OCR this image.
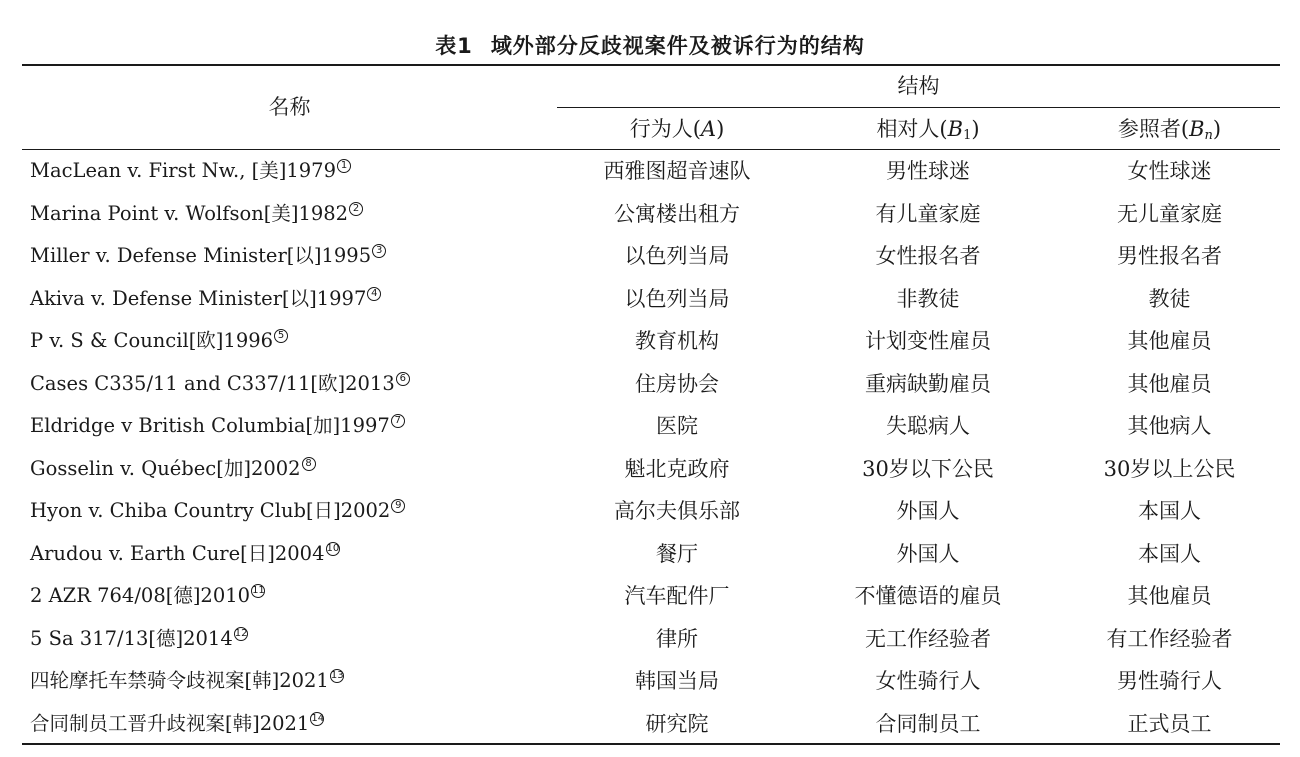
表1 域外部分反歧视案件及被诉行为的结构
名称
结构
行为人(A)	相对人$(B_1)$	参照者$(B_n)$
MacLean v. First Nw., [美]1979 1	西雅图超音速队	男性球迷	女性球迷
Marina Point v. Wolfson[美]1982 2	公寓楼出租方	有儿童家庭	无儿童家庭
Miller v. Defense Minister[以]1995 3	以色列当局	女性报名者	男性报名者
Akiva v. Defense Minister[以]1997 4	以色列当局	非教徒	教徒
P v. S & Council[欧]1996 5	教育机构	计划变性雇员	其他雇员
Cases C335/11 and C337/11[欧]2013 6	住房协会	重病缺勤雇员	其他雇员
Eldridge v British Columbia[加]1997 7	医院	失聪病人	其他病人
Gosselin v. Québec[加]2002 8	魁北克政府	30岁以下公民	30岁以上公民
Hyon v. Chiba Country Club[日]2002 9	高尔夫俱乐部	外国人	本国人
Arudou v. Earth Cure[日]2004 10	餐厅	外国人	本国人
2 AZR 764/08[德]2010 11	汽车配件厂	不懂德语的雇员	其他雇员
5 Sa 317/13[德]2014 12	律所	无工作经验者	有工作经验者
四轮摩托车禁骑令歧视案[韩]2021 13	韩国当局	女性骑行人	男性骑行人
合同制员工晋升歧视案[韩]2021 14	研究院	合同制员工	正式员工
